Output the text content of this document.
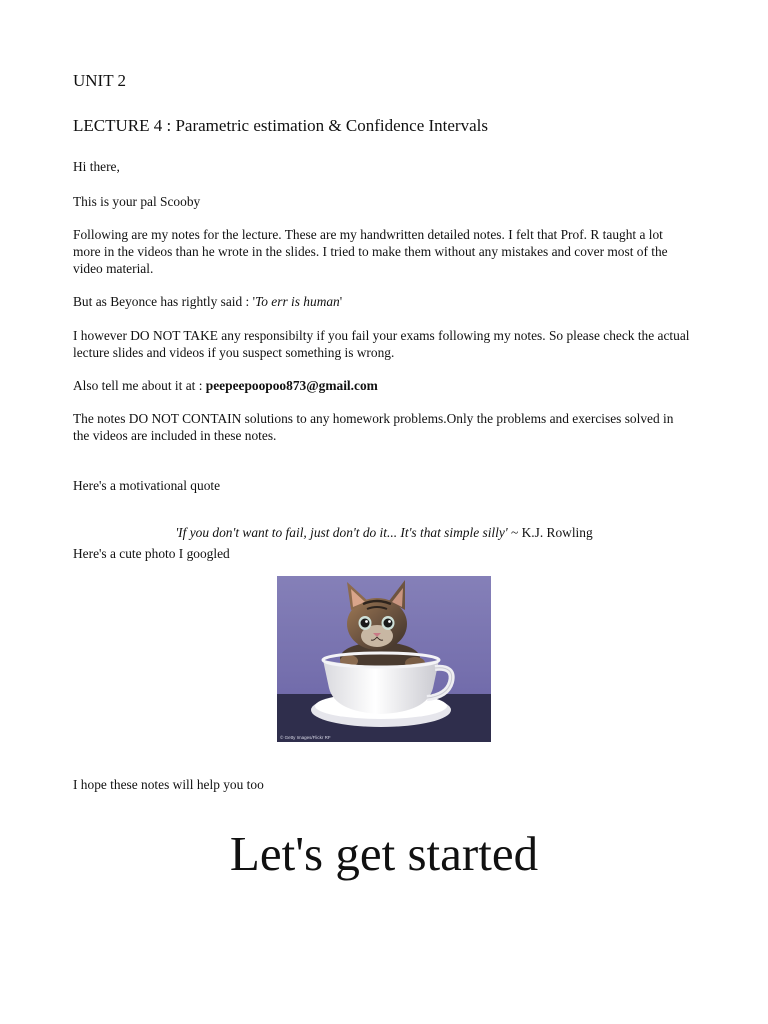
UNIT 2

LECTURE 4 : Parametric estimation & Confidence Intervals

Hi there,

This is your pal Scooby

Following are my notes for the lecture. These are my handwritten detailed notes. I felt that Prof. R taught a lot more in the videos than he wrote in the slides. I tried to make them without any mistakes and cover most of the video material.

But as Beyonce has rightly said : 'To err is human'

I however DO NOT TAKE any responsibilty if you fail your exams following my notes. So please check the actual lecture slides and videos if you suspect something is wrong.

Also tell me about it at : peepeepoopoo873@gmail.com

The notes DO NOT CONTAIN solutions to any homework problems.Only the problems and exercises solved in the videos are included in these notes.

Here's a motivational quote

'If you don't want to fail, just don't do it... It's that simple silly' ~ K.J. Rowling

Here's a cute photo I googled

© Getty Images/Flickr RF

I hope these notes will help you too

Let's get started
